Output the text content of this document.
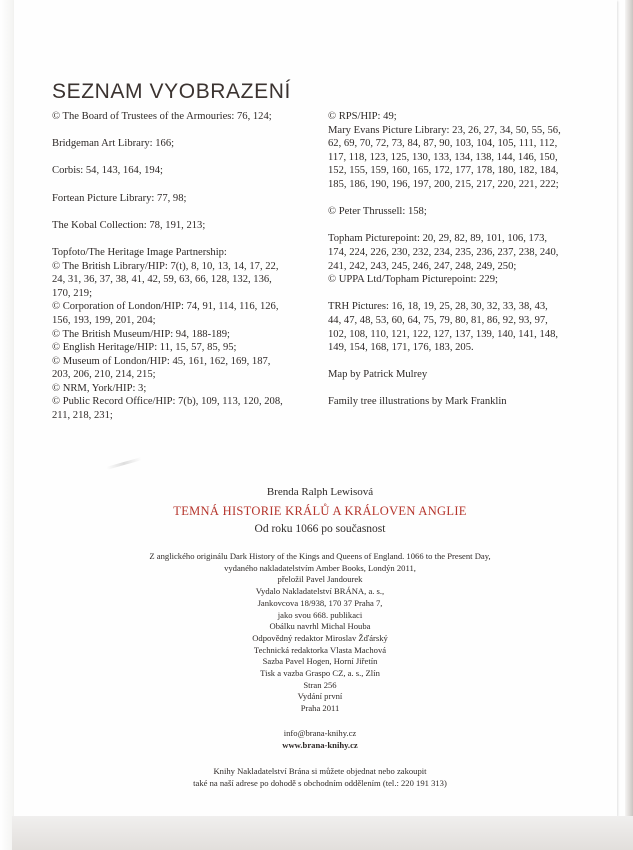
SEZNAM VYOBRAZENÍ

© The Board of Trustees of the Armouries: 76, 124;

Bridgeman Art Library: 166;

Corbis: 54, 143, 164, 194;

Fortean Picture Library: 77, 98;

The Kobal Collection: 78, 191, 213;

Topfoto/The Heritage Image Partnership:

© The British Library/HIP: 7(t), 8, 10, 13, 14, 17, 22,

24, 31, 36, 37, 38, 41, 42, 59, 63, 66, 128, 132, 136,

170, 219;

© Corporation of London/HIP: 74, 91, 114, 116, 126,

156, 193, 199, 201, 204;

© The British Museum/HIP: 94, 188-189;

© English Heritage/HIP: 11, 15, 57, 85, 95;

© Museum of London/HIP: 45, 161, 162, 169, 187,

203, 206, 210, 214, 215;

© NRM, York/HIP: 3;

© Public Record Office/HIP: 7(b), 109, 113, 120, 208,

211, 218, 231;

© RPS/HIP: 49;

Mary Evans Picture Library: 23, 26, 27, 34, 50, 55, 56,

62, 69, 70, 72, 73, 84, 87, 90, 103, 104, 105, 111, 112,

117, 118, 123, 125, 130, 133, 134, 138, 144, 146, 150,

152, 155, 159, 160, 165, 172, 177, 178, 180, 182, 184,

185, 186, 190, 196, 197, 200, 215, 217, 220, 221, 222;

© Peter Thrussell: 158;

Topham Picturepoint: 20, 29, 82, 89, 101, 106, 173,

174, 224, 226, 230, 232, 234, 235, 236, 237, 238, 240,

241, 242, 243, 245, 246, 247, 248, 249, 250;

© UPPA Ltd/Topham Picturepoint: 229;

TRH Pictures: 16, 18, 19, 25, 28, 30, 32, 33, 38, 43,

44, 47, 48, 53, 60, 64, 75, 79, 80, 81, 86, 92, 93, 97,

102, 108, 110, 121, 122, 127, 137, 139, 140, 141, 148,

149, 154, 168, 171, 176, 183, 205.

Map by Patrick Mulrey

Family tree illustrations by Mark Franklin

Brenda Ralph Lewisová

TEMNÁ HISTORIE KRÁLŮ A KRÁLOVEN ANGLIE

Od roku 1066 po současnost

Z anglického originálu Dark History of the Kings and Queens of England. 1066 to the Present Day,

vydaného nakladatelstvím Amber Books, Londýn 2011,

přeložil Pavel Jandourek

Vydalo Nakladatelství BRÁNA, a. s.,

Jankovcova 18/938, 170 37 Praha 7,

jako svou 668. publikaci

Obálku navrhl Michal Houba

Odpovědný redaktor Miroslav Žďárský

Technická redaktorka Vlasta Machová

Sazba Pavel Hogen, Horní Jiřetín

Tisk a vazba Graspo CZ, a. s., Zlín

Stran 256

Vydání první

Praha 2011

info@brana-knihy.cz

www.brana-knihy.cz

Knihy Nakladatelství Brána si můžete objednat nebo zakoupit

také na naší adrese po dohodě s obchodním oddělením (tel.: 220 191 313)
